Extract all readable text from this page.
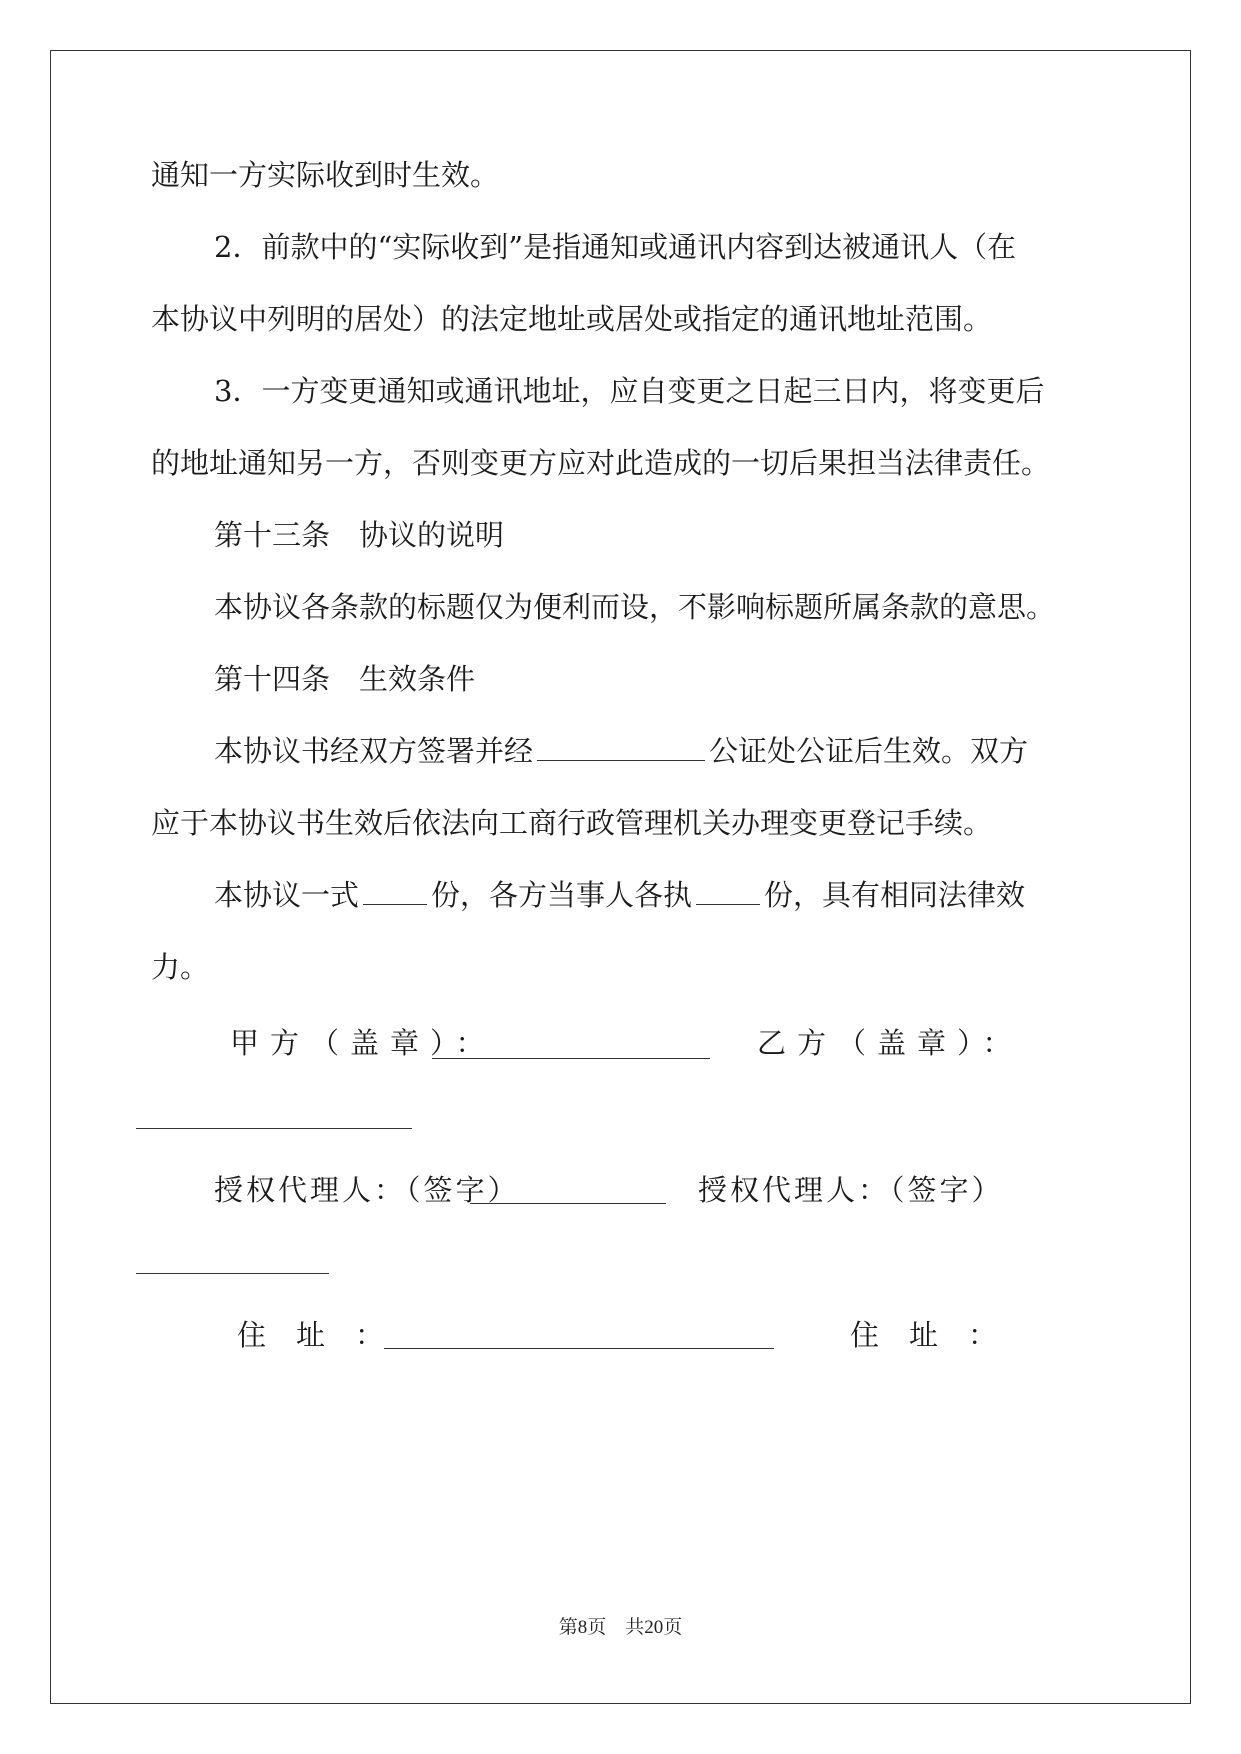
通知一方实际收到时生效。
2．前款中的“实际收到”是指通知或通讯内容到达被通讯人（在
本协议中列明的居处）的法定地址或居处或指定的通讯地址范围。
3．一方变更通知或通讯地址，应自变更之日起三日内，将变更后
的地址通知另一方，否则变更方应对此造成的一切后果担当法律责任。
第十三条　协议的说明
本协议各条款的标题仅为便利而设，不影响标题所属条款的意思。
第十四条　生效条件
本协议书经双方签署并经	公证处公证后生效。双方
应于本协议书生效后依法向工商行政管理机关办理变更登记手续。
本协议一式 份，各方当事人各执 份，具有相同法律效
力。
甲方（盖章）：	乙方（盖章）：
授权代理人：（签字）	授权代理人：（签字）
住址：	住址：
第8页　共20页
